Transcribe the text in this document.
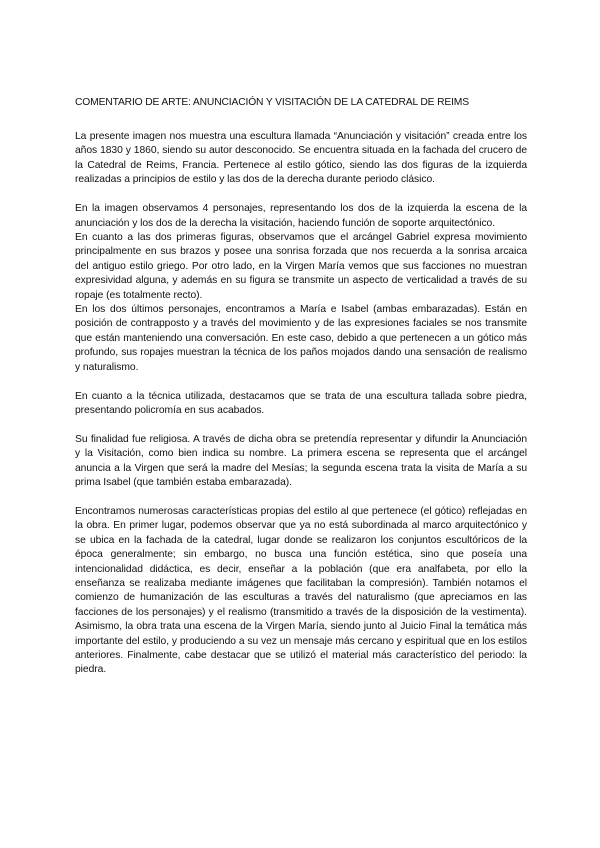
COMENTARIO DE ARTE: ANUNCIACIÓN Y VISITACIÓN DE LA CATEDRAL DE REIMS

La presente imagen nos muestra una escultura llamada “Anunciación y visitación” creada entre los años 1830 y 1860, siendo su autor desconocido. Se encuentra situada en la fachada del crucero de la Catedral de Reims, Francia. Pertenece al estilo gótico, siendo las dos figuras de la izquierda realizadas a principios de estilo y las dos de la derecha durante periodo clásico.

En la imagen observamos 4 personajes, representando los dos de la izquierda la escena de la anunciación y los dos de la derecha la visitación, haciendo función de soporte arquitectónico.

En cuanto a las dos primeras figuras, observamos que el arcángel Gabriel expresa movimiento principalmente en sus brazos y posee una sonrisa forzada que nos recuerda a la sonrisa arcaica del antiguo estilo griego. Por otro lado, en la Virgen María vemos que sus facciones no muestran expresividad alguna, y además en su figura se transmite un aspecto de verticalidad a través de su ropaje (es totalmente recto).

En los dos últimos personajes, encontramos a María e Isabel (ambas embarazadas). Están en posición de contrapposto y a través del movimiento y de las expresiones faciales se nos transmite que están manteniendo una conversación. En este caso, debido a que pertenecen a un gótico más profundo, sus ropajes muestran la técnica de los paños mojados dando una sensación de realismo y naturalismo.

En cuanto a la técnica utilizada, destacamos que se trata de una escultura tallada sobre piedra, presentando policromía en sus acabados.

Su finalidad fue religiosa. A través de dicha obra se pretendía representar y difundir la Anunciación y la Visitación, como bien indica su nombre. La primera escena se representa que el arcángel anuncia a la Virgen que será la madre del Mesías; la segunda escena trata la visita de María a su prima Isabel (que también estaba embarazada).

Encontramos numerosas características propias del estilo al que pertenece (el gótico) reflejadas en la obra. En primer lugar, podemos observar que ya no está subordinada al marco arquitectónico y se ubica en la fachada de la catedral, lugar donde se realizaron los conjuntos escultóricos de la época generalmente; sin embargo, no busca una función estética, sino que poseía una intencionalidad didáctica, es decir, enseñar a la población (que era analfabeta, por ello la enseñanza se realizaba mediante imágenes que facilitaban la compresión). También notamos el comienzo de humanización de las esculturas a través del naturalismo (que apreciamos en las facciones de los personajes) y el realismo (transmitido a través de la disposición de la vestimenta). Asimismo, la obra trata una escena de la Virgen María, siendo junto al Juicio Final la temática más importante del estilo, y produciendo a su vez un mensaje más cercano y espiritual que en los estilos anteriores. Finalmente, cabe destacar que se utilizó el material más característico del periodo: la piedra.
